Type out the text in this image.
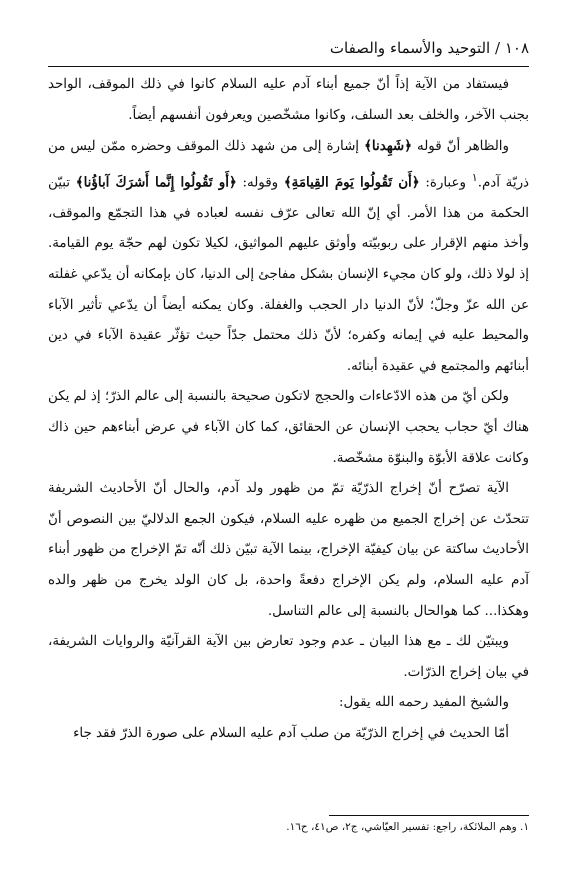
١٠٨ / التوحيد والأسماء والصفات

فيستفاد من الآية إذاً أنّ جميع أبناء آدم عليه السلام كانوا في ذلك الموقف، الواحد بجنب الآخر، والخلف بعد السلف، وكانوا مشخّصين ويعرفون أنفسهم أيضاً.

والظاهر أنّ قوله ﴿شَهِدنا﴾ إشارة إلى من شهد ذلك الموقف وحضره ممّن ليس من ذريّة آدم.$^١$ وعبارة: ﴿أَن تَقُولُوا يَومَ القِيامَةِ﴾ وقوله: ﴿أَو تَقُولُوا إِنَّما أَشرَكَ آباؤُنا﴾ تبيّن الحكمة من هذا الأمر. أي إنّ الله تعالى عرّف نفسه لعباده في هذا التجمّع والموقف، وأخذ منهم الإقرار على ربوبيّته وأوثق عليهم المواثيق، لكيلا تكون لهم حجّة يوم القيامة. إذ لولا ذلك، ولو كان مجيء الإنسان بشكل مفاجئ إلى الدنيا، كان بإمكانه أن يدّعي غفلته عن الله عزّ وجلّ؛ لأنّ الدنيا دار الحجب والغفلة. وكان يمكنه أيضاً أن يدّعي تأثير الآباء والمحيط عليه في إيمانه وكفره؛ لأنّ ذلك محتمل جدّاً حيث تؤثّر عقيدة الآباء في دين أبنائهم والمجتمع في عقيدة أبنائه.

ولكن أيّ من هذه الادّعاءات والحجج لاتكون صحيحة بالنسبة إلى عالم الذرّ؛ إذ لم يكن هناك أيّ حجاب يحجب الإنسان عن الحقائق، كما كان الآباء في عرض أبناءهم حين ذاك وكانت علاقة الأبوّة والبنوّة مشخّصة.

الآية تصرّح أنّ إخراج الذرّيّة تمّ من ظهور ولد آدم، والحال أنّ الأحاديث الشريفة تتحدّث عن إخراج الجميع من ظهره عليه السلام، فيكون الجمع الدلاليّ بين النصوص أنّ الأحاديث ساكتة عن بيان كيفيّة الإخراج، بينما الآية تبيّن ذلك أنّه تمّ الإخراج من ظهور أبناء آدم عليه السلام، ولم يكن الإخراج دفعةً واحدة، بل كان الولد يخرج من ظهر والده وهكذا... كما هوالحال بالنسبة إلى عالم التناسل.

ويبتيّن لك ـ مع هذا البيان ـ عدم وجود تعارض بين الآية القرآنيّة والروايات الشريفة، في بيان إخراج الذرّات.

والشيخ المفيد رحمه الله يقول:

أمّا الحديث في إخراج الذرّيّة من صلب آدم عليه السلام على صورة الذرّ فقد جاء

١. وهم الملائكة، راجع: تفسير العيّاشي، ج٢، ص٤١، ح١٦.
